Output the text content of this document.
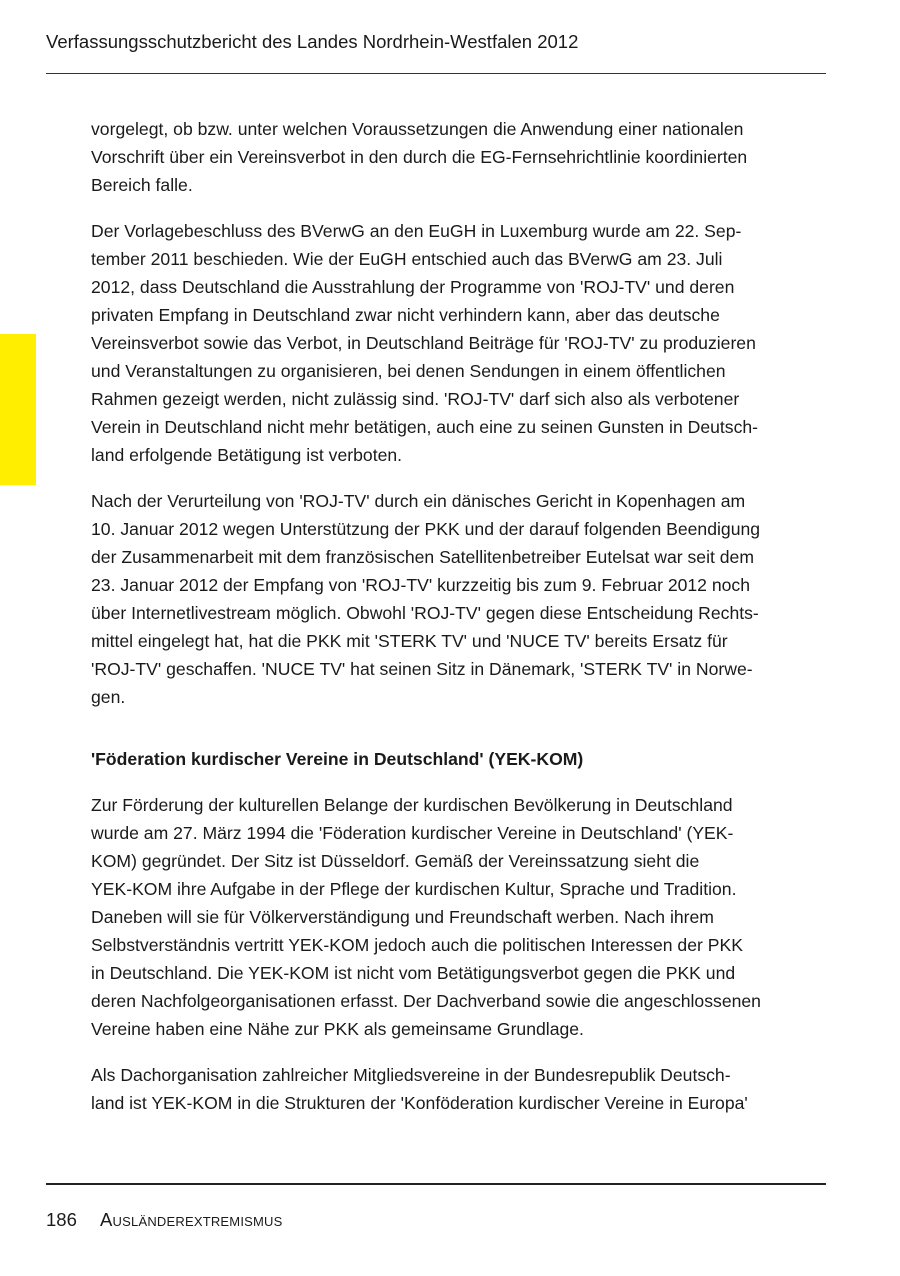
Verfassungsschutzbericht des Landes Nordrhein-Westfalen 2012

vorgelegt, ob bzw. unter welchen Voraussetzungen die Anwendung einer nationalen
Vorschrift über ein Vereinsverbot in den durch die EG-Fernsehrichtlinie koordinierten
Bereich falle.

Der Vorlagebeschluss des BVerwG an den EuGH in Luxemburg wurde am 22. Sep-
tember 2011 beschieden. Wie der EuGH entschied auch das BVerwG am 23. Juli
2012, dass Deutschland die Ausstrahlung der Programme von 'ROJ-TV' und deren
privaten Empfang in Deutschland zwar nicht verhindern kann, aber das deutsche
Vereinsverbot sowie das Verbot, in Deutschland Beiträge für 'ROJ-TV' zu produzieren
und Veranstaltungen zu organisieren, bei denen Sendungen in einem öffentlichen
Rahmen gezeigt werden, nicht zulässig sind. 'ROJ-TV' darf sich also als verbotener
Verein in Deutschland nicht mehr betätigen, auch eine zu seinen Gunsten in Deutsch-
land erfolgende Betätigung ist verboten.

Nach der Verurteilung von 'ROJ-TV' durch ein dänisches Gericht in Kopenhagen am
10. Januar 2012 wegen Unterstützung der PKK und der darauf folgenden Beendigung
der Zusammenarbeit mit dem französischen Satellitenbetreiber Eutelsat war seit dem
23. Januar 2012 der Empfang von 'ROJ-TV' kurzzeitig bis zum 9. Februar 2012 noch
über Internetlivestream möglich. Obwohl 'ROJ-TV' gegen diese Entscheidung Rechts-
mittel eingelegt hat, hat die PKK mit 'STERK TV' und 'NUCE TV' bereits Ersatz für
'ROJ-TV' geschaffen. 'NUCE TV' hat seinen Sitz in Dänemark, 'STERK TV' in Norwe-
gen.

'Föderation kurdischer Vereine in Deutschland' (YEK-KOM)

Zur Förderung der kulturellen Belange der kurdischen Bevölkerung in Deutschland
wurde am 27. März 1994 die 'Föderation kurdischer Vereine in Deutschland' (YEK-
KOM) gegründet. Der Sitz ist Düsseldorf. Gemäß der Vereinssatzung sieht die
YEK-KOM ihre Aufgabe in der Pflege der kurdischen Kultur, Sprache und Tradition.
Daneben will sie für Völkerverständigung und Freundschaft werben. Nach ihrem
Selbstverständnis vertritt YEK-KOM jedoch auch die politischen Interessen der PKK
in Deutschland. Die YEK-KOM ist nicht vom Betätigungsverbot gegen die PKK und
deren Nachfolgeorganisationen erfasst. Der Dachverband sowie die angeschlossenen
Vereine haben eine Nähe zur PKK als gemeinsame Grundlage.

Als Dachorganisation zahlreicher Mitgliedsvereine in der Bundesrepublik Deutsch-
land ist YEK-KOM in die Strukturen der 'Konföderation kurdischer Vereine in Europa'

186 Ausländerextremismus
